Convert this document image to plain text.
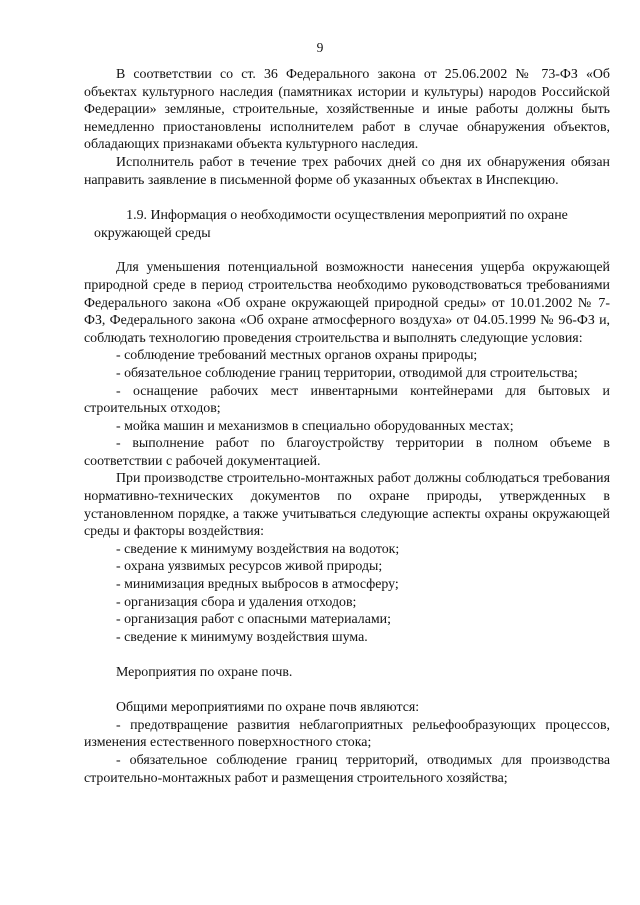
9

В соответствии со ст. 36 Федерального закона от 25.06.2002 № 73-ФЗ «Об объектах культурного наследия (памятниках истории и культуры) народов Российской Федерации» земляные, строительные, хозяйственные и иные работы должны быть немедленно приостановлены исполнителем работ в случае обнаружения объектов, обладающих признаками объекта культурного наследия.

Исполнитель работ в течение трех рабочих дней со дня их обнаружения обязан направить заявление в письменной форме об указанных объектах в Инспекцию.

1.9. Информация о необходимости осуществления мероприятий по охране окружающей среды

Для уменьшения потенциальной возможности нанесения ущерба окружающей природной среде в период строительства необходимо руководствоваться требованиями Федерального закона «Об охране окружающей природной среды» от 10.01.2002 № 7-ФЗ, Федерального закона «Об охране атмосферного воздуха» от 04.05.1999 № 96-ФЗ и, соблюдать технологию проведения строительства и выполнять следующие условия:

- соблюдение требований местных органов охраны природы;

- обязательное соблюдение границ территории, отводимой для строительства;

- оснащение рабочих мест инвентарными контейнерами для бытовых и строительных отходов;

- мойка машин и механизмов в специально оборудованных местах;

- выполнение работ по благоустройству территории в полном объеме в соответствии с рабочей документацией.

При производстве строительно-монтажных работ должны соблюдаться требования нормативно-технических документов по охране природы, утвержденных в установленном порядке, а также учитываться следующие аспекты охраны окружающей среды и факторы воздействия:

- сведение к минимуму воздействия на водоток;

- охрана уязвимых ресурсов живой природы;

- минимизация вредных выбросов в атмосферу;

- организация сбора и удаления отходов;

- организация работ с опасными материалами;

- сведение к минимуму воздействия шума.

Мероприятия по охране почв.

Общими мероприятиями по охране почв являются:

- предотвращение развития неблагоприятных рельефообразующих процессов, изменения естественного поверхностного стока;

- обязательное соблюдение границ территорий, отводимых для производства строительно-монтажных работ и размещения строительного хозяйства;
